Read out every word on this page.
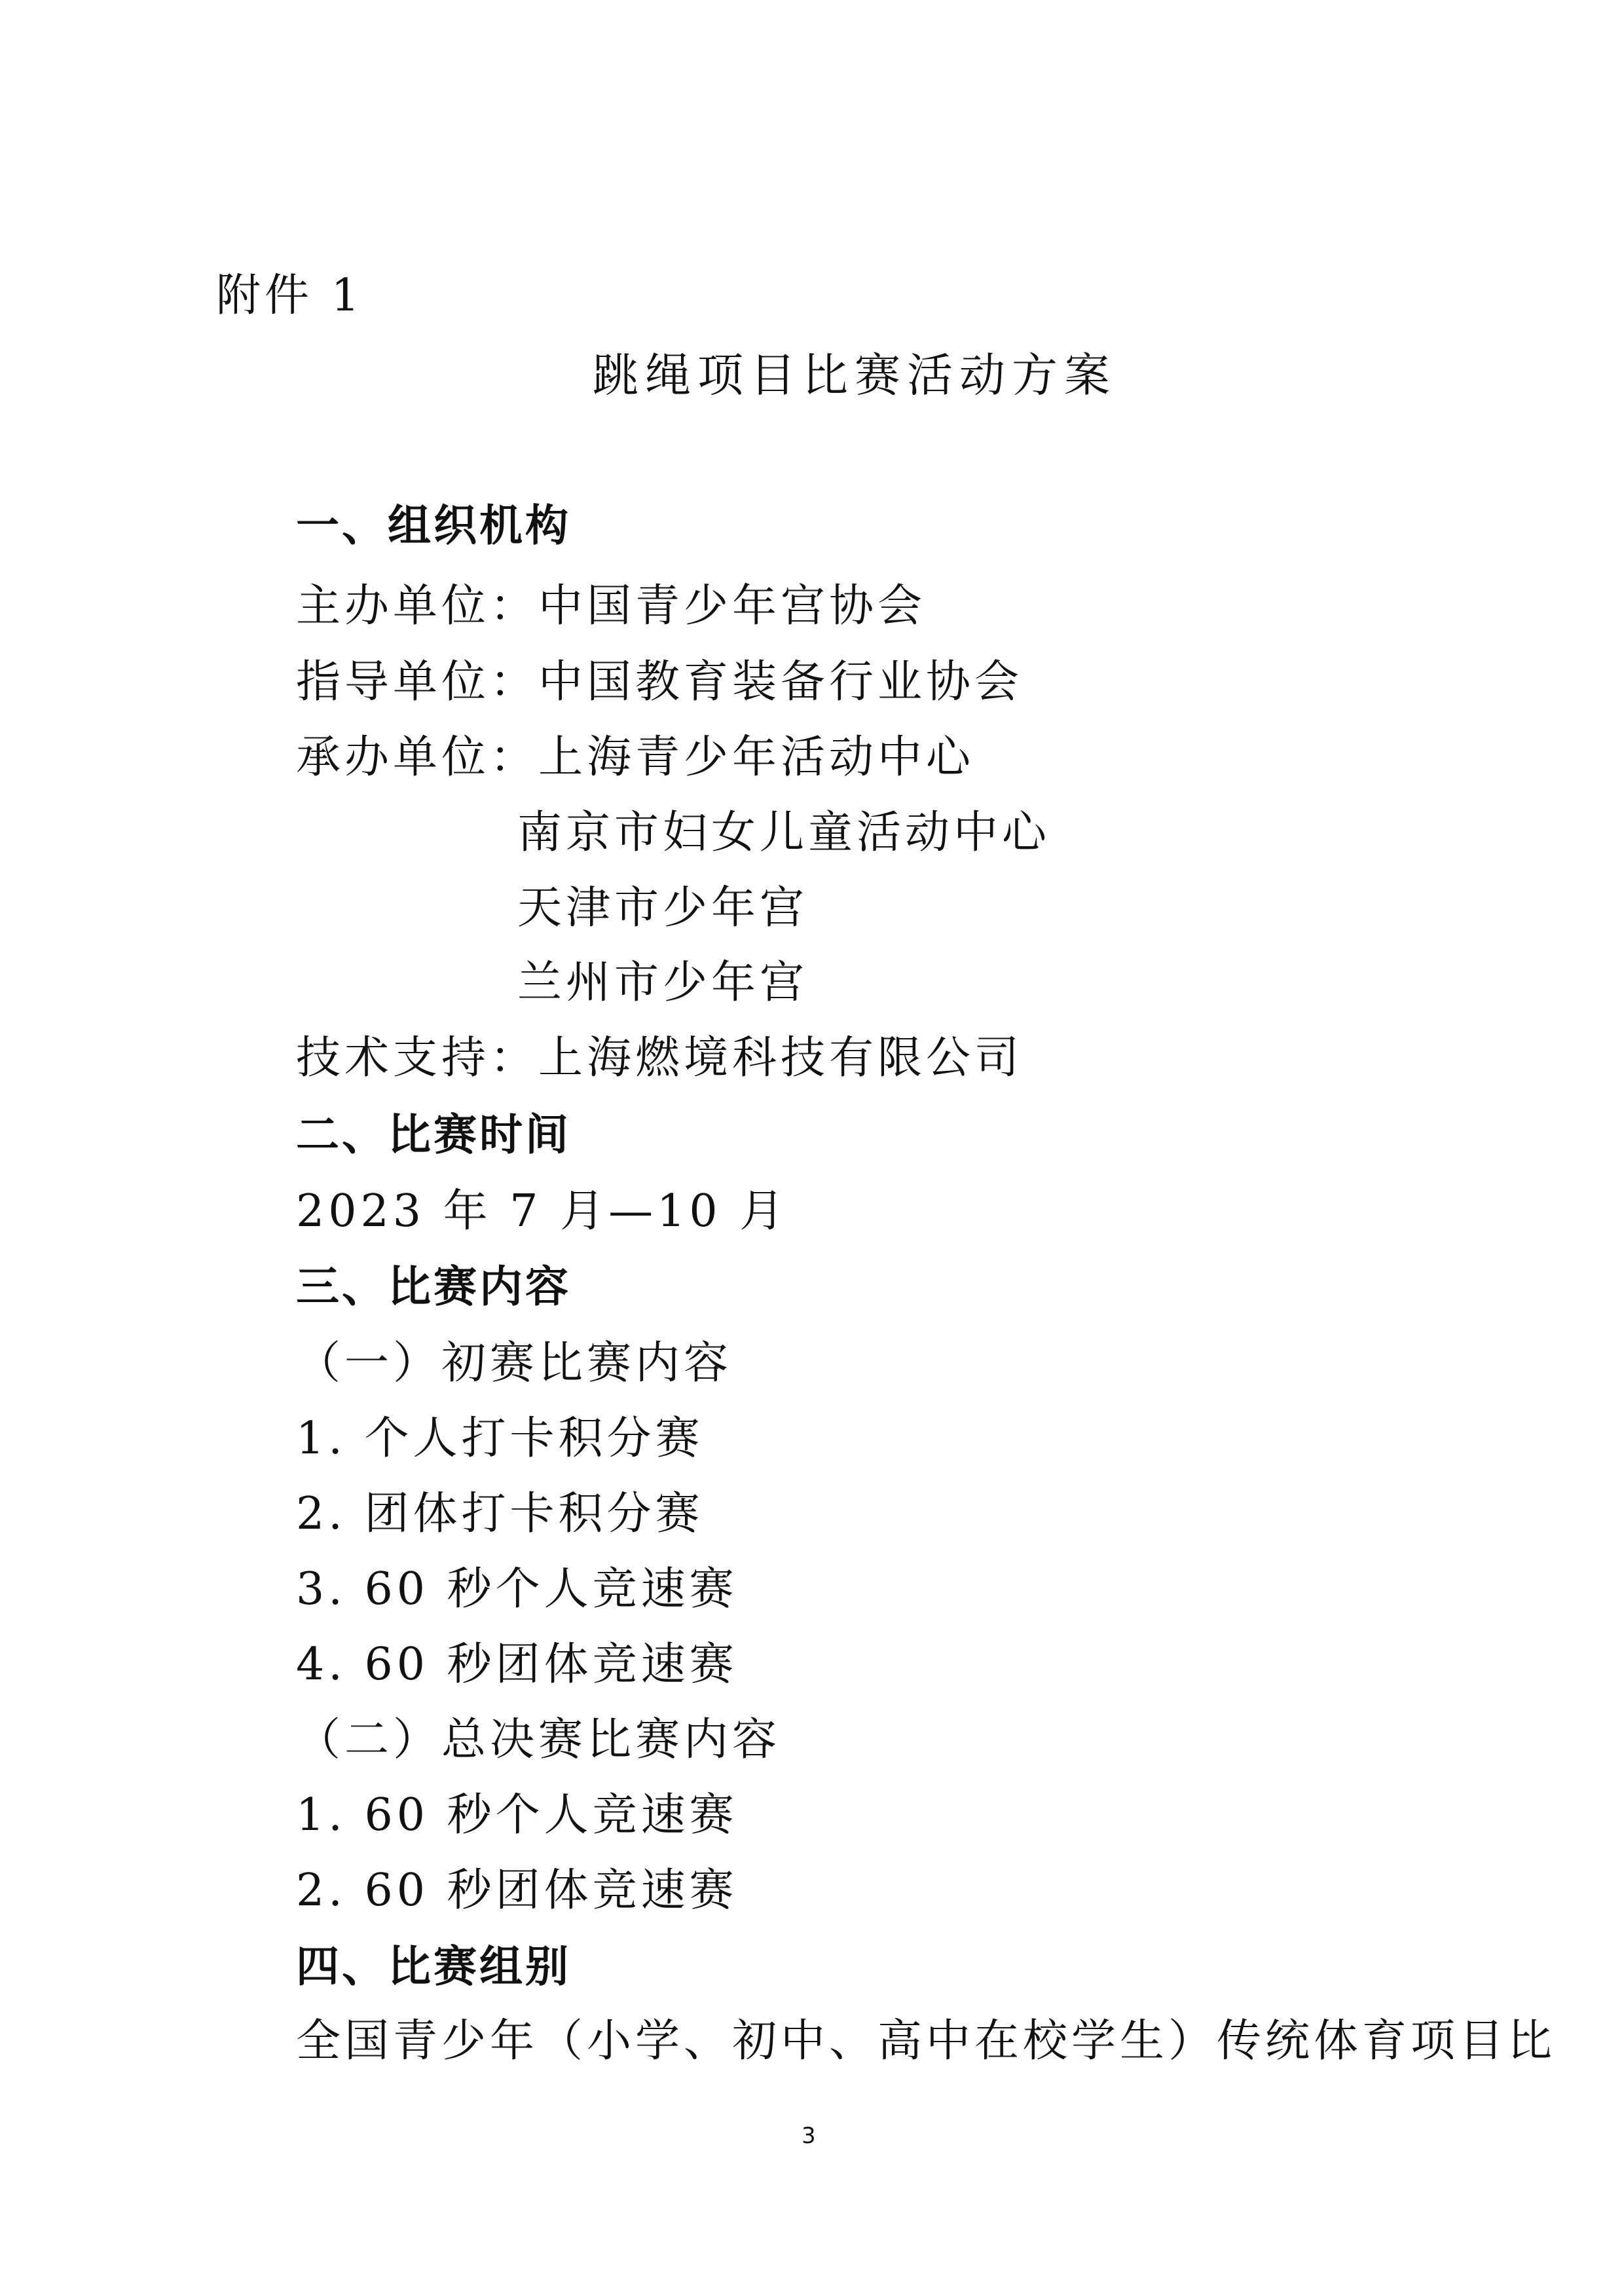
附件 1
跳绳项目比赛活动方案
一、组织机构
主办单位：中国青少年宫协会
指导单位：中国教育装备行业协会
承办单位：上海青少年活动中心
南京市妇女儿童活动中心
天津市少年宫
兰州市少年宫
技术支持：上海燃境科技有限公司
二、比赛时间
2023 年 7 月—10 月
三、比赛内容
（一）初赛比赛内容
1. 个人打卡积分赛
2. 团体打卡积分赛
3. 60 秒个人竞速赛
4. 60 秒团体竞速赛
（二）总决赛比赛内容
1. 60 秒个人竞速赛
2. 60 秒团体竞速赛
四、比赛组别
全国青少年（小学、初中、高中在校学生）传统体育项目比
3
